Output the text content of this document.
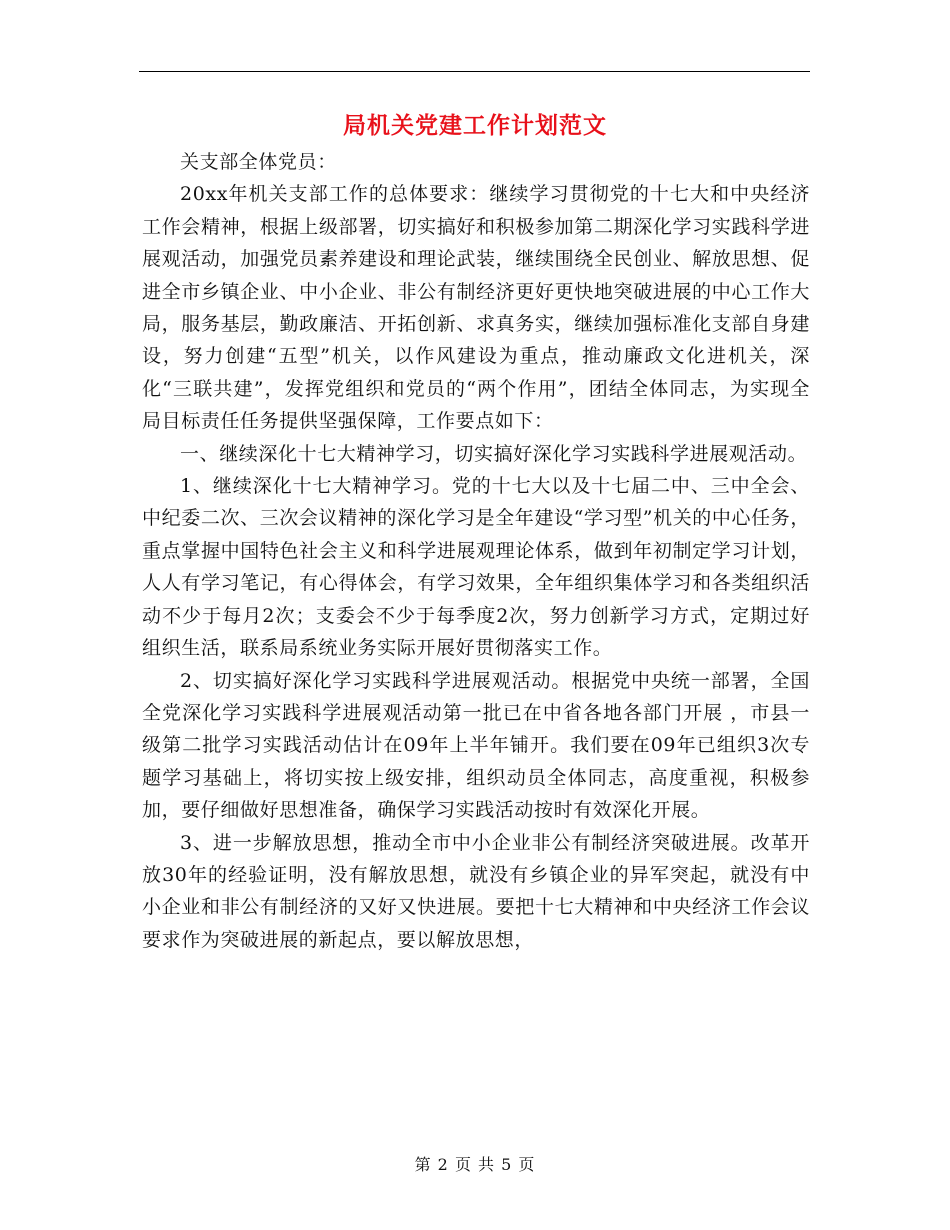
局机关党建工作计划范文

关支部全体党员：

20xx年机关支部工作的总体要求：继续学习贯彻党的十七大和中央经济工作会精神，根据上级部署，切实搞好和积极参加第二期深化学习实践科学进展观活动，加强党员素养建设和理论武装，继续围绕全民创业、解放思想、促进全市乡镇企业、中小企业、非公有制经济更好更快地突破进展的中心工作大局，服务基层，勤政廉洁、开拓创新、求真务实，继续加强标准化支部自身建设，努力创建“五型”机关，以作风建设为重点，推动廉政文化进机关，深化“三联共建”，发挥党组织和党员的“两个作用”，团结全体同志，为实现全局目标责任任务提供坚强保障，工作要点如下：

一、继续深化十七大精神学习，切实搞好深化学习实践科学进展观活动。

1、继续深化十七大精神学习。党的十七大以及十七届二中、三中全会、中纪委二次、三次会议精神的深化学习是全年建设“学习型”机关的中心任务，重点掌握中国特色社会主义和科学进展观理论体系，做到年初制定学习计划，人人有学习笔记，有心得体会，有学习效果，全年组织集体学习和各类组织活动不少于每月2次；支委会不少于每季度2次，努力创新学习方式，定期过好组织生活，联系局系统业务实际开展好贯彻落实工作。

2、切实搞好深化学习实践科学进展观活动。根据党中央统一部署，全国全党深化学习实践科学进展观活动第一批已在中省各地各部门开展 ，市县一级第二批学习实践活动估计在09年上半年铺开。我们要在09年已组织3次专题学习基础上，将切实按上级安排，组织动员全体同志，高度重视，积极参加，要仔细做好思想准备，确保学习实践活动按时有效深化开展。

3、进一步解放思想，推动全市中小企业非公有制经济突破进展。改革开放30年的经验证明，没有解放思想，就没有乡镇企业的异军突起，就没有中小企业和非公有制经济的又好又快进展。要把十七大精神和中央经济工作会议要求作为突破进展的新起点，要以解放思想，

第 2 页 共 5 页
